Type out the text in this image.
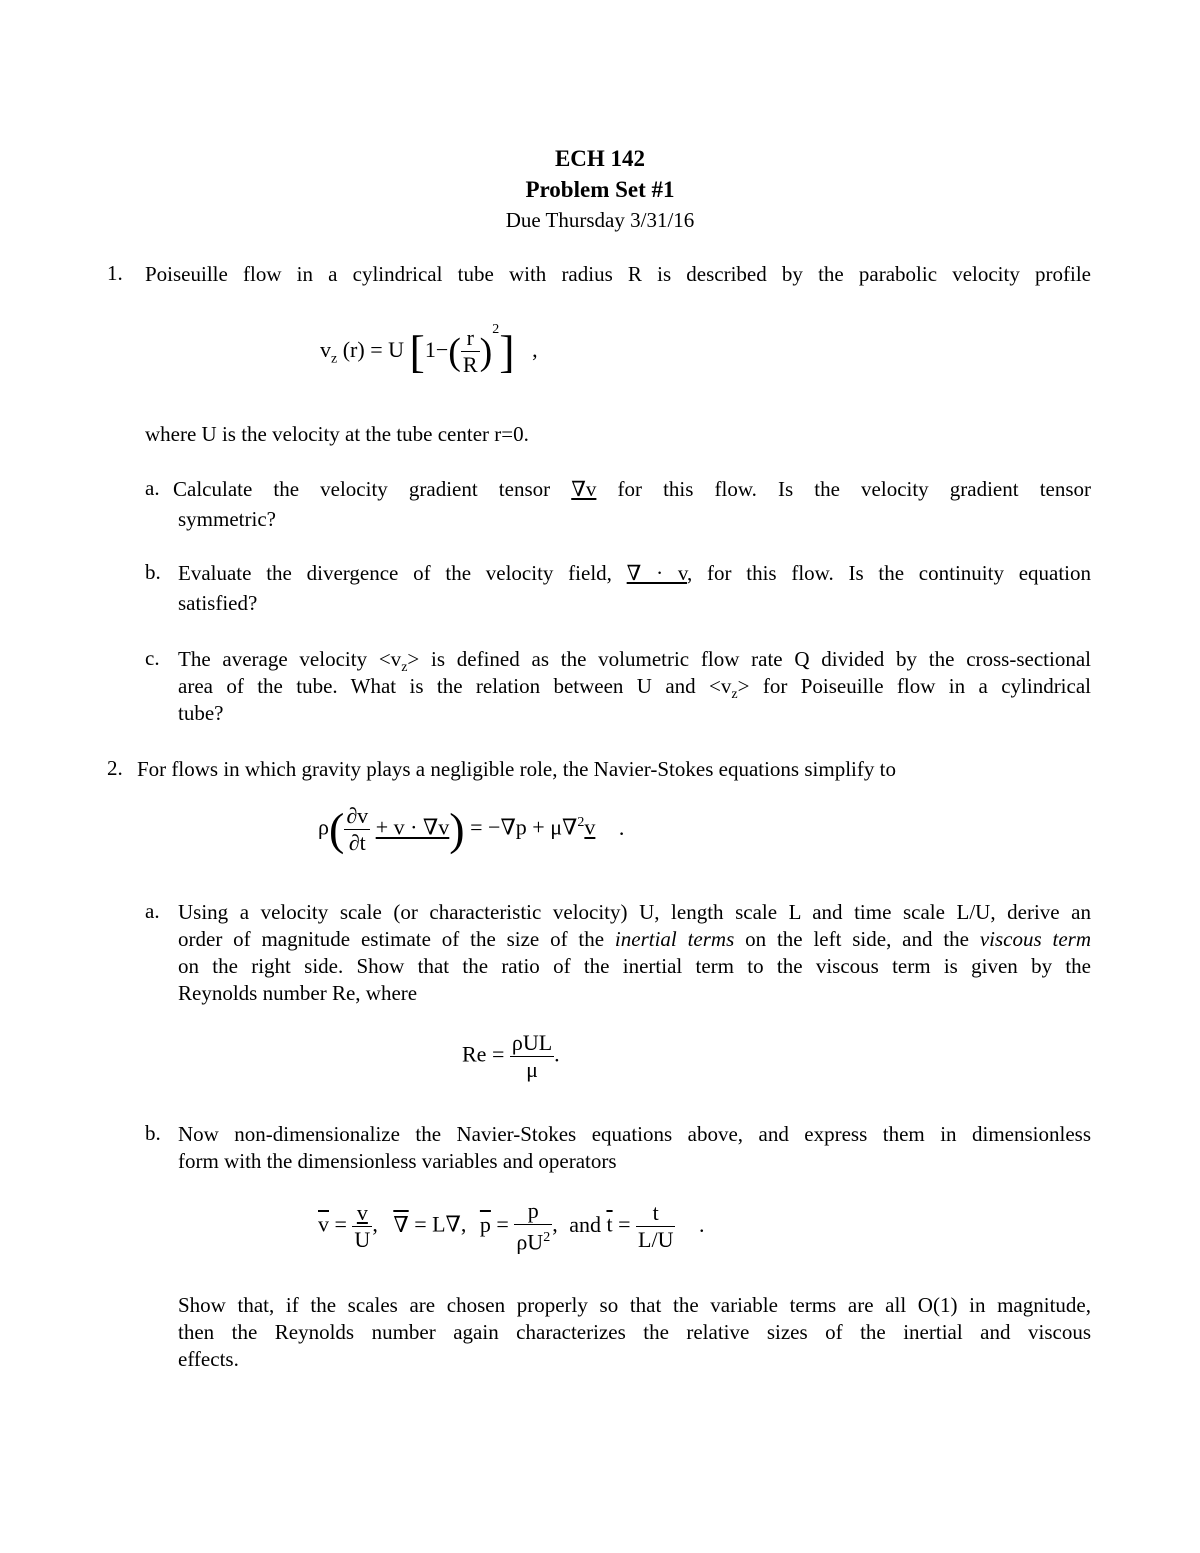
ECH 142
Problem Set #1
Due Thursday 3/31/16
1. Poiseuille flow in a cylindrical tube with radius R is described by the parabolic velocity profile
$v_z$ (r) = U $[1-( \frac{r}{R} )^2]$ ,
where U is the velocity at the tube center r=0.
a. Calculate the velocity gradient tensor ∇v for this flow. Is the velocity gradient tensor
symmetric?
b. Evaluate the divergence of the velocity field, ∇ · v, for this flow. Is the continuity equation
satisfied?
c. The average velocity $<v_z>$ is defined as the volumetric flow rate Q divided by the cross-sectional
area of the tube. What is the relation between U and $<v_z>$ for Poiseuille flow in a cylindrical
tube?
2. For flows in which gravity plays a negligible role, the Navier-Stokes equations simplify to
$\rho( \frac{\partial v}{\partial t} + v \cdot \nabla v) = -\nabla p + \mu\nabla^2v$ .
a. Using a velocity scale (or characteristic velocity) U, length scale L and time scale L/U, derive an
order of magnitude estimate of the size of the inertial terms on the left side, and the viscous term
on the right side. Show that the ratio of the inertial term to the viscous term is given by the
Reynolds number Re, where
$Re = \frac{\text{ρUL}}{\mu}$ .
b. Now non-dimensionalize the Navier-Stokes equations above, and express them in dimensionless
form with the dimensionless variables and operators
$\overline{v} = \frac{v}{U}$ , ∇ = L∇, $\overline{p} = \frac{p}{\rho U^2}$ , and $\overline{t} = \frac{t}{L/U}$ .
Show that, if the scales are chosen properly so that the variable terms are all O(1) in magnitude,
then the Reynolds number again characterizes the relative sizes of the inertial and viscous
effects.
